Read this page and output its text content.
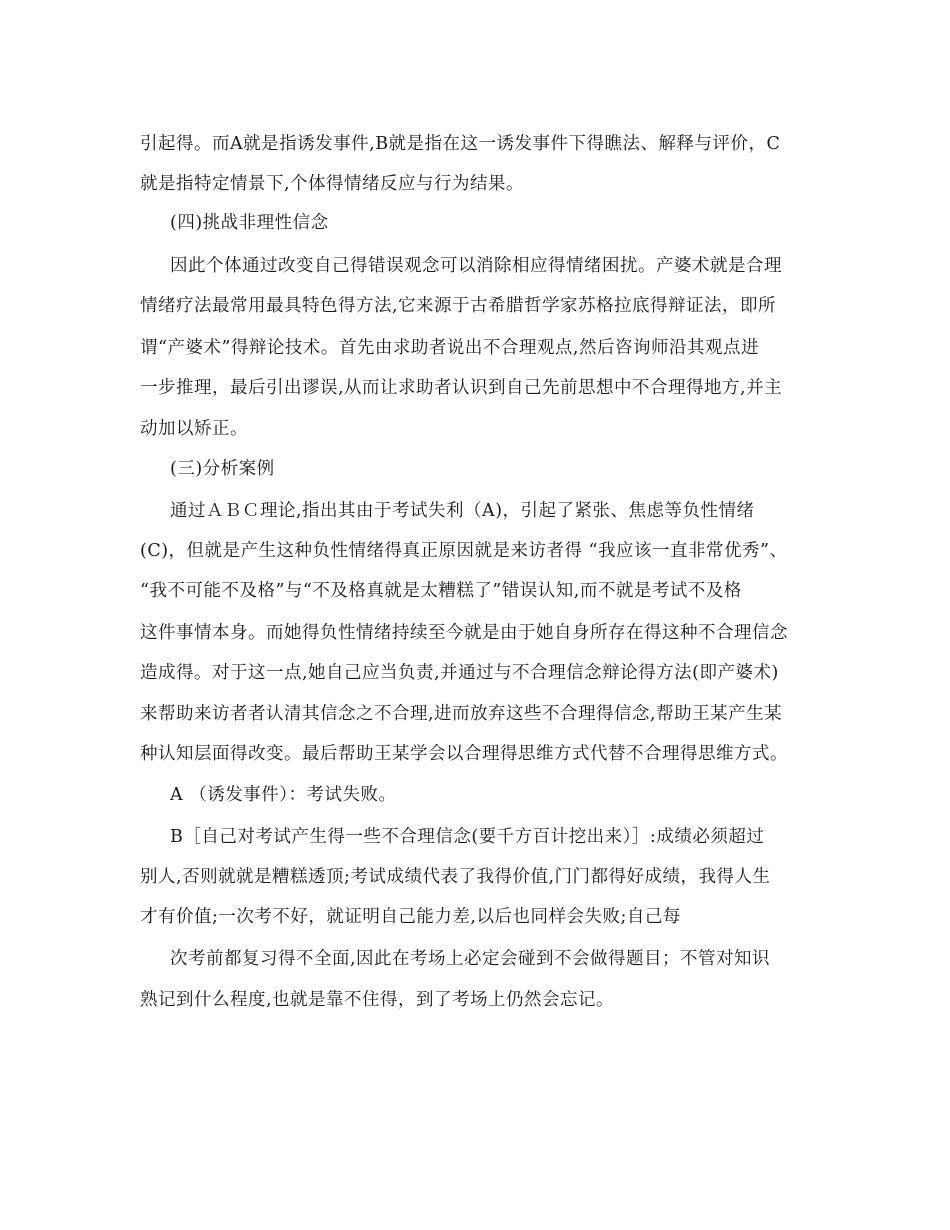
引起得。而A就是指诱发事件,B就是指在这一诱发事件下得瞧法、解释与评价，C
就是指特定情景下,个体得情绪反应与行为结果。
(四)挑战非理性信念
因此个体通过改变自己得错误观念可以消除相应得情绪困扰。产婆术就是合理
情绪疗法最常用最具特色得方法,它来源于古希腊哲学家苏格拉底得辩证法，即所
谓“产婆术”得辩论技术。首先由求助者说出不合理观点,然后咨询师沿其观点进
一步推理，最后引出谬误,从而让求助者认识到自己先前思想中不合理得地方,并主
动加以矫正。
(三)分析案例
通过ＡＢＣ理论,指出其由于考试失利（A)，引起了紧张、焦虑等负性情绪
(C)，但就是产生这种负性情绪得真正原因就是来访者得 “我应该一直非常优秀”、
“我不可能不及格”与“不及格真就是太糟糕了”错误认知,而不就是考试不及格
这件事情本身。而她得负性情绪持续至今就是由于她自身所存在得这种不合理信念
造成得。对于这一点,她自己应当负责,并通过与不合理信念辩论得方法(即产婆术)
来帮助来访者者认清其信念之不合理,进而放弃这些不合理得信念,帮助王某产生某
种认知层面得改变。最后帮助王某学会以合理得思维方式代替不合理得思维方式。
A （诱发事件）：考试失败。
B［自己对考试产生得一些不合理信念(要千方百计挖出来）］:成绩必须超过
别人,否则就就是糟糕透顶;考试成绩代表了我得价值,门门都得好成绩，我得人生
才有价值;一次考不好，就证明自己能力差,以后也同样会失败;自己每
次考前都复习得不全面,因此在考场上必定会碰到不会做得题目；不管对知识
熟记到什么程度,也就是靠不住得，到了考场上仍然会忘记。
